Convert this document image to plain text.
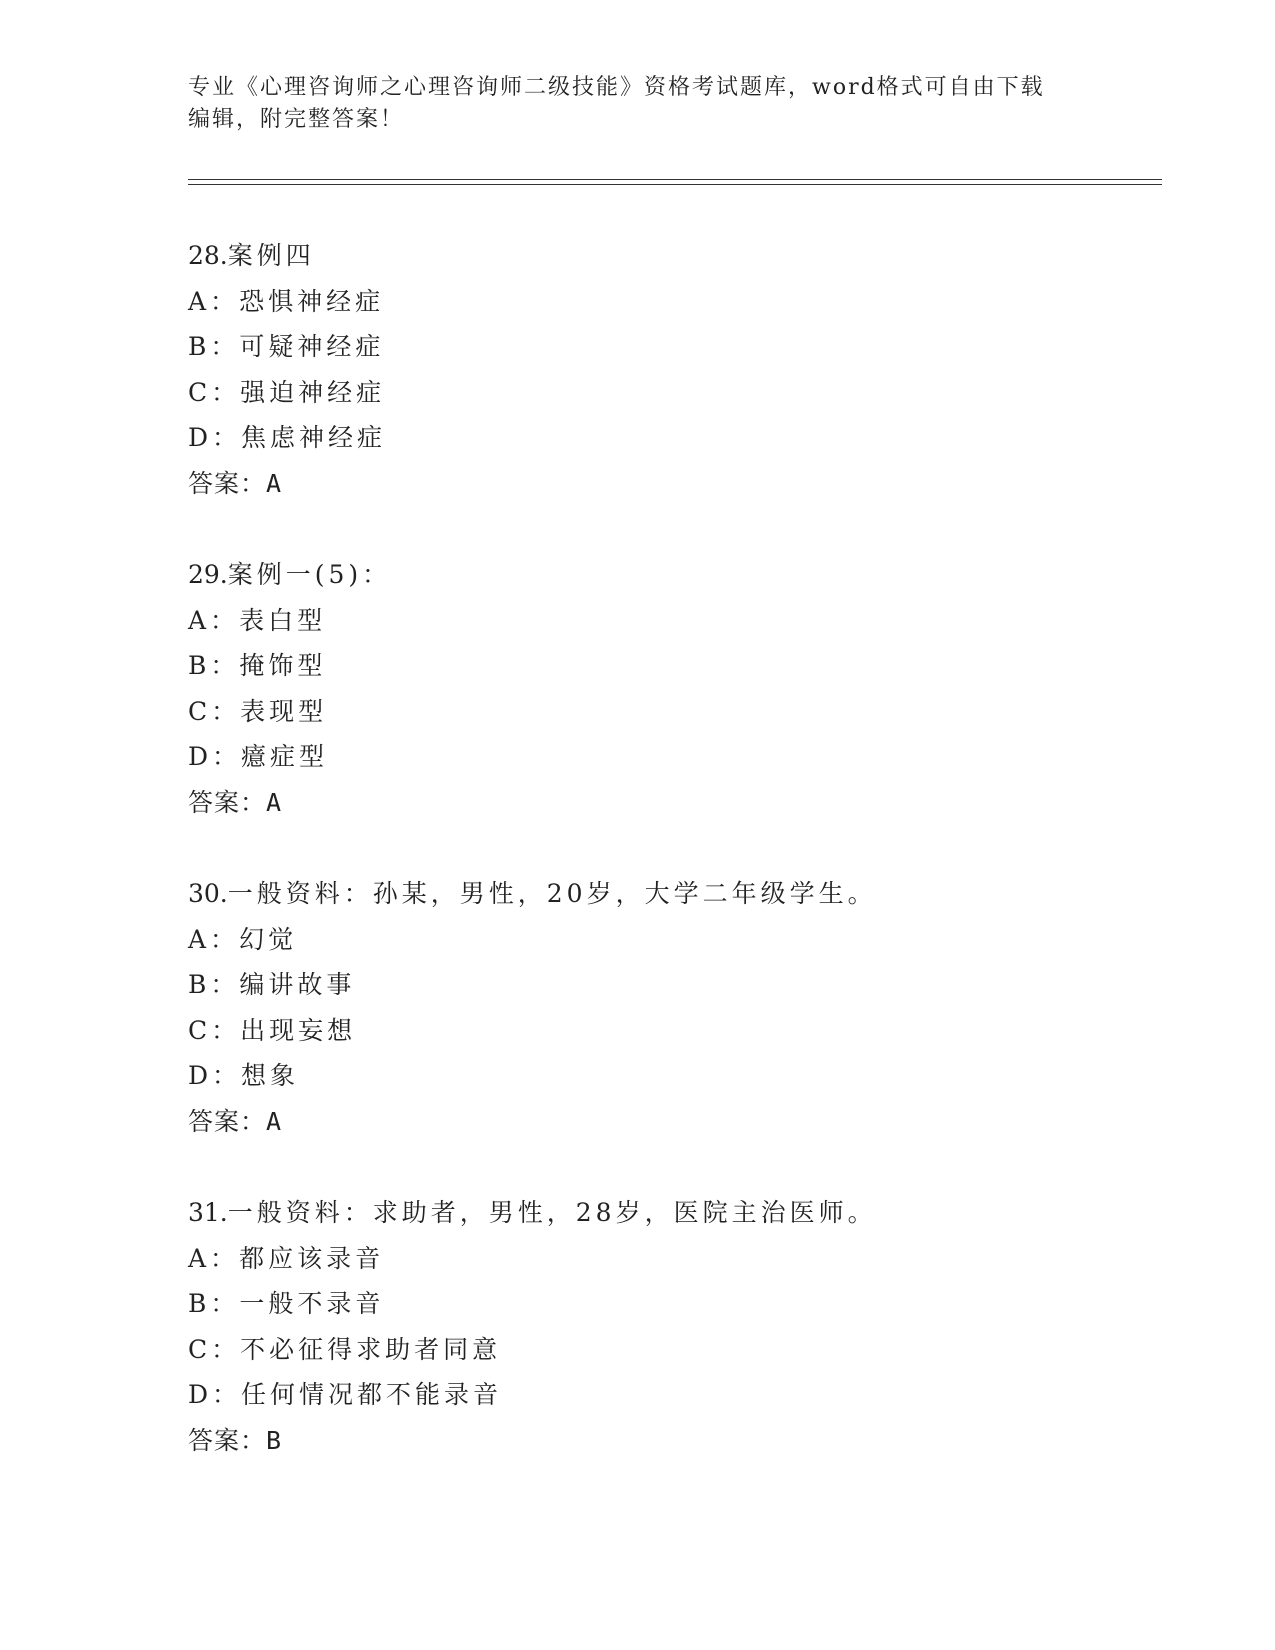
专业《心理咨询师之心理咨询师二级技能》资格考试题库，word格式可自由下载
编辑，附完整答案！
28.案例四
A：恐惧神经症
B：可疑神经症
C：强迫神经症
D：焦虑神经症
答案：A
29.案例一(5)：
A：表白型
B：掩饰型
C：表现型
D：癔症型
答案：A
30.一般资料：孙某，男性，20岁，大学二年级学生。
A：幻觉
B：编讲故事
C：出现妄想
D：想象
答案：A
31.一般资料：求助者，男性，28岁，医院主治医师。
A：都应该录音
B：一般不录音
C：不必征得求助者同意
D：任何情况都不能录音
答案：B
